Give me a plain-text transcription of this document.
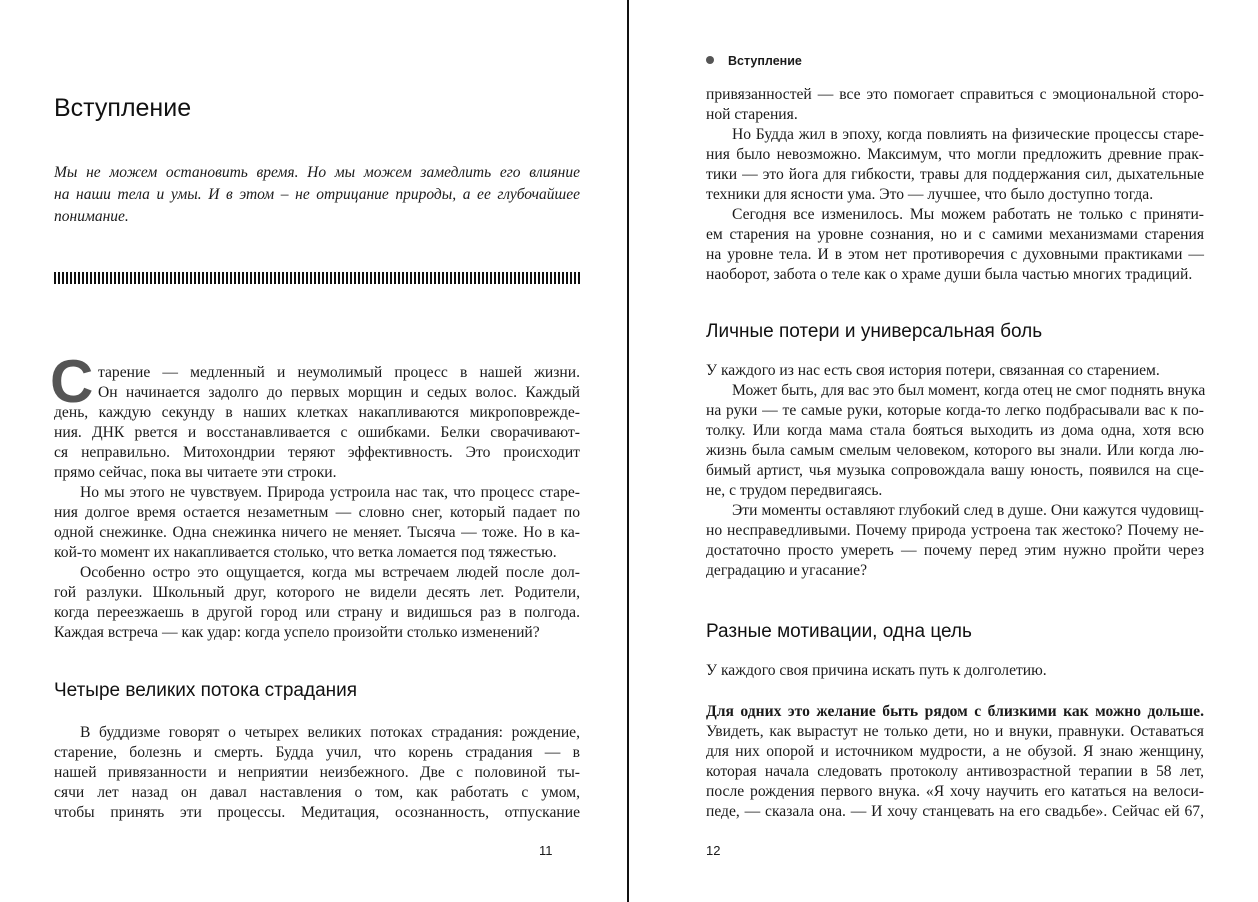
Вступление
Мы не можем остановить время. Но мы можем замедлить его влияние
на наши тела и умы. И в этом – не отрицание природы, а ее глубочайшее
понимание.
С тарение — медленный и неумолимый процесс в нашей жизни.
Он начинается задолго до первых морщин и седых волос. Каждый
день, каждую секунду в наших клетках накапливаются микроповрежде-
ния. ДНК рвется и восстанавливается с ошибками. Белки сворачивают-
ся неправильно. Митохондрии теряют эффективность. Это происходит
прямо сейчас, пока вы читаете эти строки.
Но мы этого не чувствуем. Природа устроила нас так, что процесс старе-
ния долгое время остается незаметным — словно снег, который падает по
одной снежинке. Одна снежинка ничего не меняет. Тысяча — тоже. Но в ка-
кой-то момент их накапливается столько, что ветка ломается под тяжестью.
Особенно остро это ощущается, когда мы встречаем людей после дол-
гой разлуки. Школьный друг, которого не видели десять лет. Родители,
когда переезжаешь в другой город или страну и видишься раз в полгода.
Каждая встреча — как удар: когда успело произойти столько изменений?
Четыре великих потока страдания
В буддизме говорят о четырех великих потоках страдания: рождение,
старение, болезнь и смерть. Будда учил, что корень страдания — в
нашей привязанности и неприятии неизбежного. Две с половиной ты-
сячи лет назад он давал наставления о том, как работать с умом,
чтобы принять эти процессы. Медитация, осознанность, отпускание
11
Вступление
привязанностей — все это помогает справиться с эмоциональной сторо-
ной старения.
Но Будда жил в эпоху, когда повлиять на физические процессы старе-
ния было невозможно. Максимум, что могли предложить древние прак-
тики — это йога для гибкости, травы для поддержания сил, дыхательные
техники для ясности ума. Это — лучшее, что было доступно тогда.
Сегодня все изменилось. Мы можем работать не только с приняти-
ем старения на уровне сознания, но и с самими механизмами старения
на уровне тела. И в этом нет противоречия с духовными практиками —
наоборот, забота о теле как о храме души была частью многих традиций.
Личные потери и универсальная боль
У каждого из нас есть своя история потери, связанная со старением.
Может быть, для вас это был момент, когда отец не смог поднять внука
на руки — те самые руки, которые когда-то легко подбрасывали вас к по-
толку. Или когда мама стала бояться выходить из дома одна, хотя всю
жизнь была самым смелым человеком, которого вы знали. Или когда лю-
бимый артист, чья музыка сопровождала вашу юность, появился на сце-
не, с трудом передвигаясь.
Эти моменты оставляют глубокий след в душе. Они кажутся чудовищ-
но несправедливыми. Почему природа устроена так жестоко? Почему не-
достаточно просто умереть — почему перед этим нужно пройти через
деградацию и угасание?
Разные мотивации, одна цель
У каждого своя причина искать путь к долголетию.
Для одних это желание быть рядом с близкими как можно дольше.
Увидеть, как вырастут не только дети, но и внуки, правнуки. Оставаться
для них опорой и источником мудрости, а не обузой. Я знаю женщину,
которая начала следовать протоколу антивозрастной терапии в 58 лет,
после рождения первого внука. «Я хочу научить его кататься на велоси-
педе, — сказала она. — И хочу станцевать на его свадьбе». Сейчас ей 67,
12
